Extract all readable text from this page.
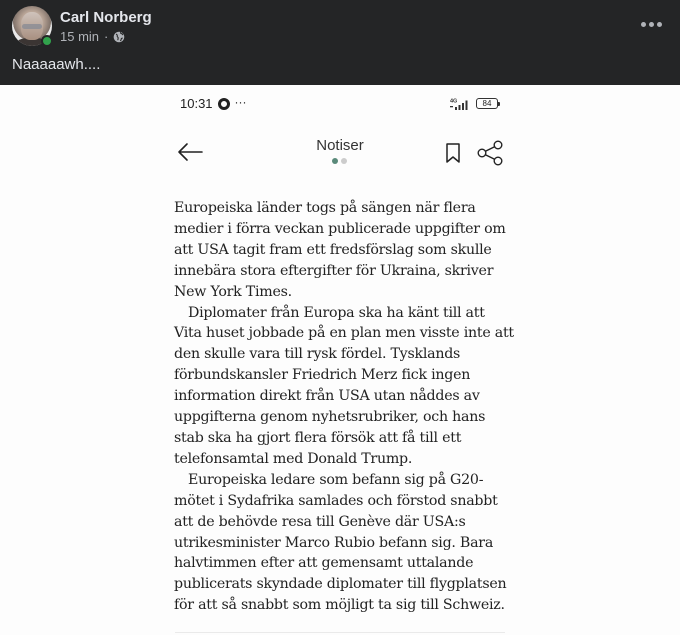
Carl Norberg
15 min ·
Naaaaawh....
10:31 ···	4G	84
Notiser

Europeiska länder togs på sängen när flera medier i förra veckan publicerade uppgifter om att USA tagit fram ett fredsförslag som skulle innebära stora eftergifter för Ukraina, skriver New York Times.

Diplomater från Europa ska ha känt till att Vita huset jobbade på en plan men visste inte att den skulle vara till rysk fördel. Tysklands förbundskansler Friedrich Merz fick ingen information direkt från USA utan nåddes av uppgifterna genom nyhetsrubriker, och hans stab ska ha gjort flera försök att få till ett telefonsamtal med Donald Trump.

Europeiska ledare som befann sig på G20-mötet i Sydafrika samlades och förstod snabbt att de behövde resa till Genève där USA:s utrikesminister Marco Rubio befann sig. Bara halvtimmen efter att gemensamt uttalande publicerats skyndade diplomater till flygplatsen för att så snabbt som möjligt ta sig till Schweiz.
